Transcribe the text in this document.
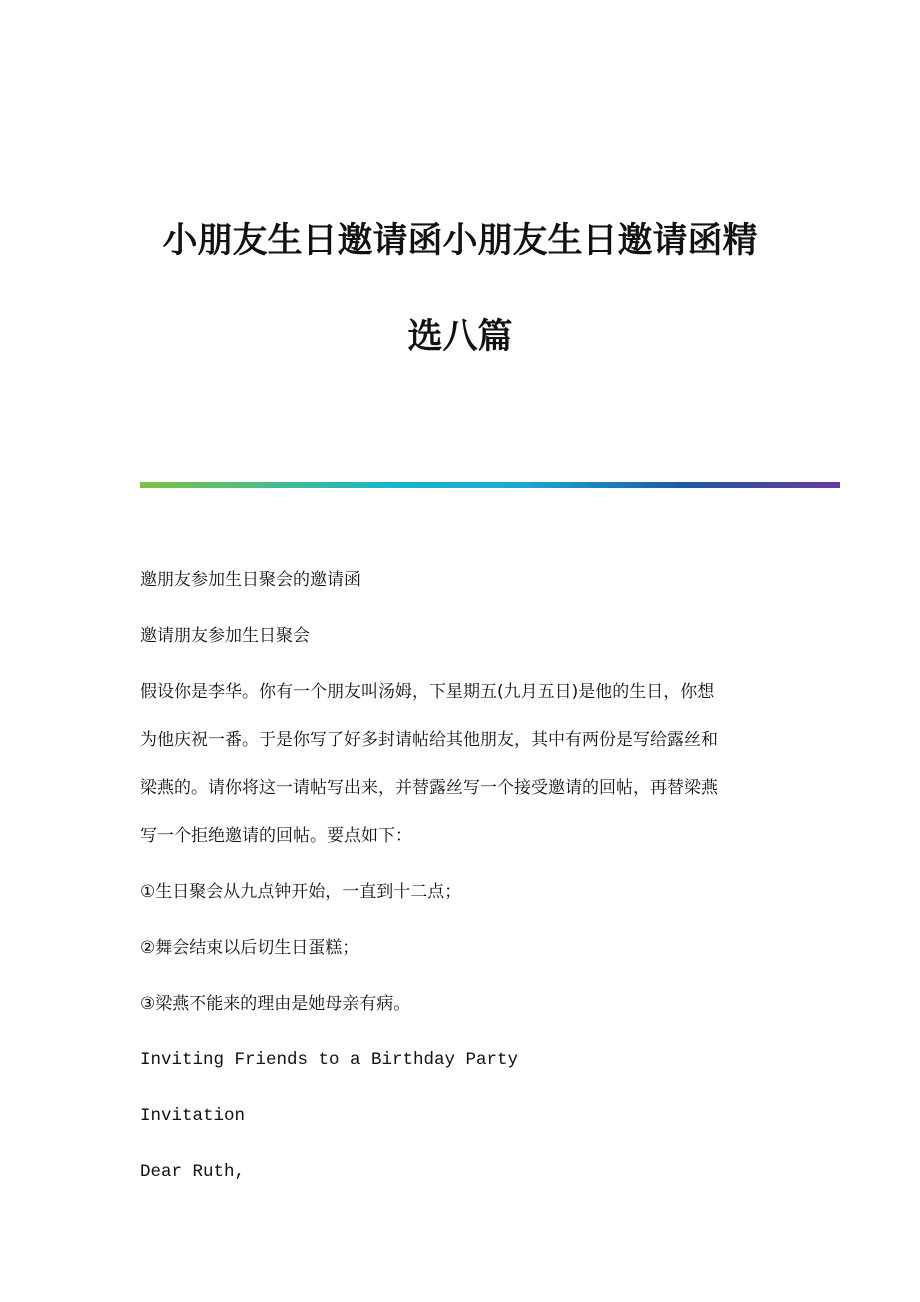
小朋友生日邀请函小朋友生日邀请函精
选八篇
邀朋友参加生日聚会的邀请函
邀请朋友参加生日聚会
假设你是李华。你有一个朋友叫汤姆，下星期五(九月五日)是他的生日，你想
为他庆祝一番。于是你写了好多封请帖给其他朋友，其中有两份是写给露丝和
梁燕的。请你将这一请帖写出来，并替露丝写一个接受邀请的回帖，再替梁燕
写一个拒绝邀请的回帖。要点如下：
①生日聚会从九点钟开始，一直到十二点；
②舞会结束以后切生日蛋糕；
③梁燕不能来的理由是她母亲有病。
Inviting Friends to a Birthday Party
Invitation
Dear Ruth,
